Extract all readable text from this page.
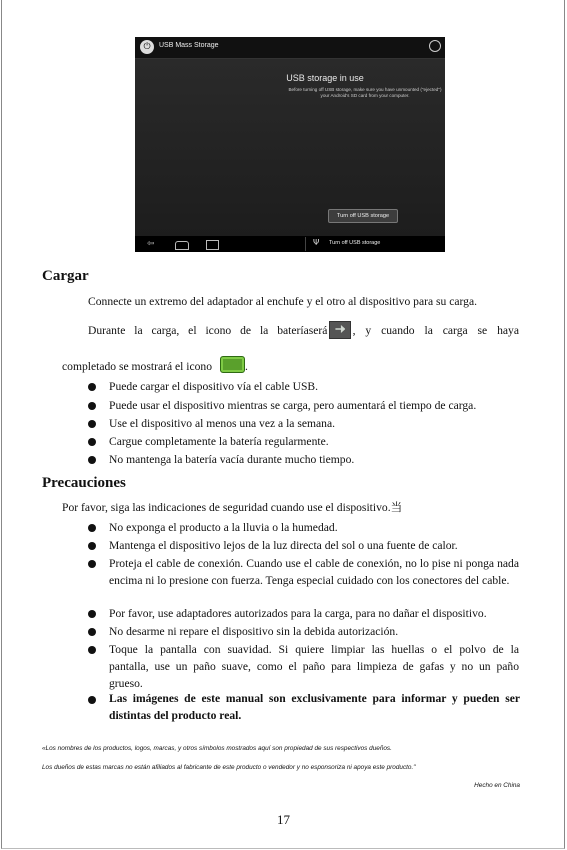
⏻	USB Mass Storage
USB storage in use
Before turning off USB storage, make sure you have unmounted ("ejected") your Android's SD card from your computer.
Turn off USB storage
⇦	Ψ Turn off USB storage
Cargar
Connecte un extremo del adaptador al enchufe y el otro al dispositivo para su carga.
Durante la carga, el icono de la bateríaserá , y cuando la carga se haya
completado se mostrará el icono	.
Puede cargar el dispositivo vía el cable USB.
Puede usar el dispositivo mientras se carga, pero aumentará el tiempo de carga.
Use el dispositivo al menos una vez a la semana.
Cargue completamente la batería regularmente.
No mantenga la batería vacía durante mucho tiempo.
Precauciones
Por favor, siga las indicaciones de seguridad cuando use el dispositivo.当
No exponga el producto a la lluvia o la humedad.
Mantenga el dispositivo lejos de la luz directa del sol o una fuente de calor.
Proteja el cable de conexión. Cuando use el cable de conexión, no lo pise ni ponga nada encima ni lo presione con fuerza. Tenga especial cuidado con los conectores del cable.
Por favor, use adaptadores autorizados para la carga, para no dañar el dispositivo.
No desarme ni repare el dispositivo sin la debida autorización.
Toque la pantalla con suavidad. Si quiere limpiar las huellas o el polvo de la pantalla, use un paño suave, como el paño para limpieza de gafas y no un paño grueso.
Las imágenes de este manual son exclusivamente para informar y pueden ser distintas del producto real.
«Los nombres de los productos, logos, marcas, y otros símbolos mostrados aquí son propiedad de sus respectivos dueños.
Los dueños de estas marcas no están afiliados al fabricante de este producto o vendedor y no esponsoriza ni apoya este producto."
Hecho en China
17
